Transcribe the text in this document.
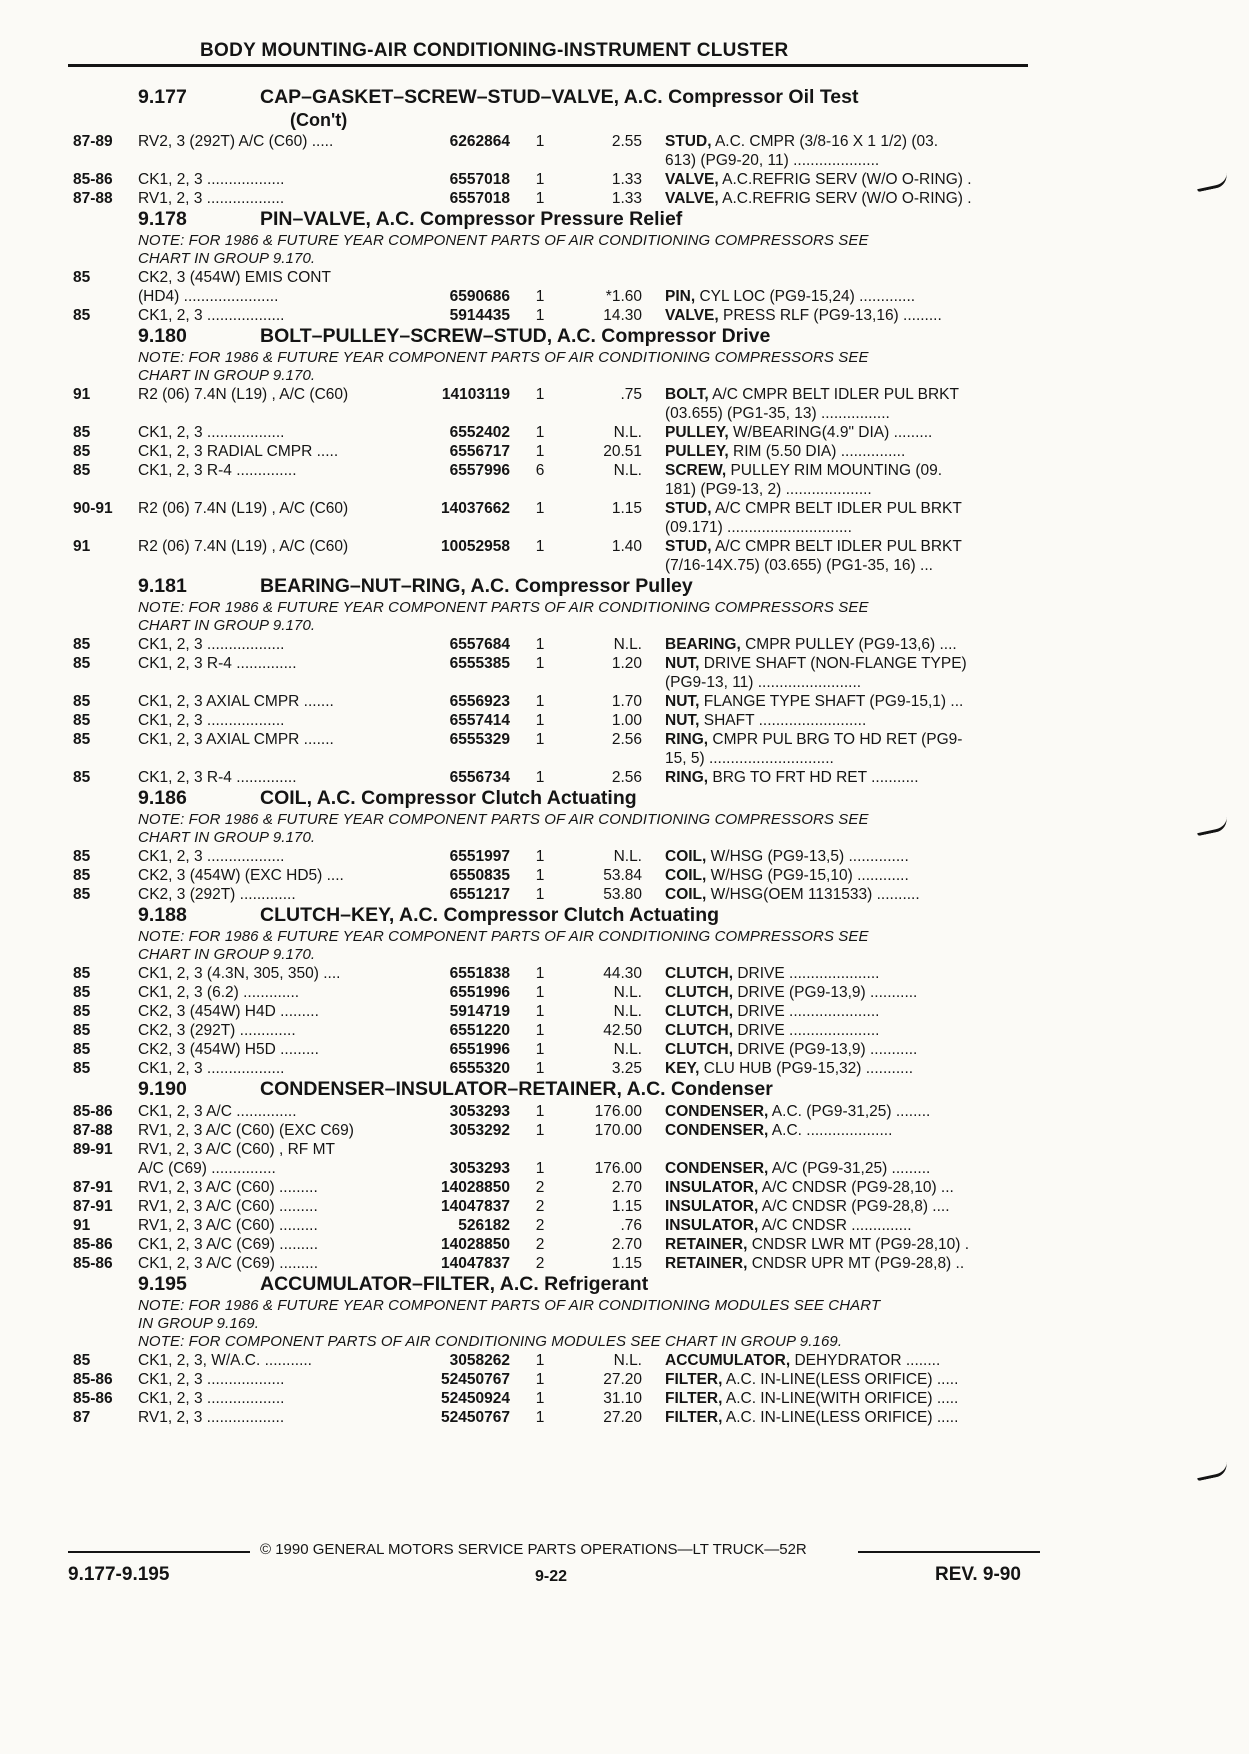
BODY MOUNTING-AIR CONDITIONING-INSTRUMENT CLUSTER
9.177	CAP–GASKET–SCREW–STUD–VALVE, A.C. Compressor Oil Test
(Con't)
87-89 RV2, 3 (292T) A/C (C60) .....	6262864	1	2.55 STUD, A.C. CMPR (3/8-16 X 1 1/2) (03.
613) (PG9-20, 11) ....................
85-86 CK1, 2, 3 ..................	6557018	1	1.33 VALVE, A.C.REFRIG SERV (W/O O-RING) .
87-88 RV1, 2, 3 ..................	6557018	1	1.33 VALVE, A.C.REFRIG SERV (W/O O-RING) .
9.178	PIN–VALVE, A.C. Compressor Pressure Relief
NOTE: FOR 1986 & FUTURE YEAR COMPONENT PARTS OF AIR CONDITIONING COMPRESSORS SEE
CHART IN GROUP 9.170.
85	CK2, 3 (454W) EMIS CONT
(HD4) ......................	6590686	1	*1.60 PIN, CYL LOC (PG9-15,24) .............
85	CK1, 2, 3 ..................	5914435	1	14.30 VALVE, PRESS RLF (PG9-13,16) .........
9.180	BOLT–PULLEY–SCREW–STUD, A.C. Compressor Drive
NOTE: FOR 1986 & FUTURE YEAR COMPONENT PARTS OF AIR CONDITIONING COMPRESSORS SEE
CHART IN GROUP 9.170.
91	R2 (06) 7.4N (L19) , A/C (C60)	14103119	1	.75 BOLT, A/C CMPR BELT IDLER PUL BRKT
(03.655) (PG1-35, 13) ................
85	CK1, 2, 3 ..................	6552402	1	N.L. PULLEY, W/BEARING(4.9" DIA) .........
85	CK1, 2, 3 RADIAL CMPR .....	6556717	1	20.51 PULLEY, RIM (5.50 DIA) ...............
85	CK1, 2, 3 R-4 ..............	6557996	6	N.L. SCREW, PULLEY RIM MOUNTING (09.
181) (PG9-13, 2) ....................
90-91 R2 (06) 7.4N (L19) , A/C (C60)	14037662	1	1.15 STUD, A/C CMPR BELT IDLER PUL BRKT
(09.171) .............................
91	R2 (06) 7.4N (L19) , A/C (C60)	10052958	1	1.40 STUD, A/C CMPR BELT IDLER PUL BRKT
(7/16-14X.75) (03.655) (PG1-35, 16) ...
9.181	BEARING–NUT–RING, A.C. Compressor Pulley
NOTE: FOR 1986 & FUTURE YEAR COMPONENT PARTS OF AIR CONDITIONING COMPRESSORS SEE
CHART IN GROUP 9.170.
85	CK1, 2, 3 ..................	6557684	1	N.L. BEARING, CMPR PULLEY (PG9-13,6) ....
85	CK1, 2, 3 R-4 ..............	6555385	1	1.20 NUT, DRIVE SHAFT (NON-FLANGE TYPE)
(PG9-13, 11) ........................
85	CK1, 2, 3 AXIAL CMPR .......	6556923	1	1.70 NUT, FLANGE TYPE SHAFT (PG9-15,1) ...
85	CK1, 2, 3 ..................	6557414	1	1.00 NUT, SHAFT .........................
85	CK1, 2, 3 AXIAL CMPR .......	6555329	1	2.56 RING, CMPR PUL BRG TO HD RET (PG9-
15, 5) .............................
85	CK1, 2, 3 R-4 ..............	6556734	1	2.56 RING, BRG TO FRT HD RET ...........
9.186	COIL, A.C. Compressor Clutch Actuating
NOTE: FOR 1986 & FUTURE YEAR COMPONENT PARTS OF AIR CONDITIONING COMPRESSORS SEE
CHART IN GROUP 9.170.
85	CK1, 2, 3 ..................	6551997	1	N.L. COIL, W/HSG (PG9-13,5) ..............
85	CK2, 3 (454W) (EXC HD5) ....	6550835	1	53.84 COIL, W/HSG (PG9-15,10) ............
85	CK2, 3 (292T) .............	6551217	1	53.80 COIL, W/HSG(OEM 1131533) ..........
9.188	CLUTCH–KEY, A.C. Compressor Clutch Actuating
NOTE: FOR 1986 & FUTURE YEAR COMPONENT PARTS OF AIR CONDITIONING COMPRESSORS SEE
CHART IN GROUP 9.170.
85	CK1, 2, 3 (4.3N, 305, 350) ....	6551838	1	44.30 CLUTCH, DRIVE .....................
85	CK1, 2, 3 (6.2) .............	6551996	1	N.L. CLUTCH, DRIVE (PG9-13,9) ...........
85	CK2, 3 (454W) H4D .........	5914719	1	N.L. CLUTCH, DRIVE .....................
85	CK2, 3 (292T) .............	6551220	1	42.50 CLUTCH, DRIVE .....................
85	CK2, 3 (454W) H5D .........	6551996	1	N.L. CLUTCH, DRIVE (PG9-13,9) ...........
85	CK1, 2, 3 ..................	6555320	1	3.25 KEY, CLU HUB (PG9-15,32) ...........
9.190	CONDENSER–INSULATOR–RETAINER, A.C. Condenser
85-86 CK1, 2, 3 A/C ..............	3053293	1	176.00 CONDENSER, A.C. (PG9-31,25) ........
87-88 RV1, 2, 3 A/C (C60) (EXC C69)	3053292	1	170.00 CONDENSER, A.C. ....................
89-91 RV1, 2, 3 A/C (C60) , RF MT
A/C (C69) ...............	3053293	1	176.00 CONDENSER, A/C (PG9-31,25) .........
87-91 RV1, 2, 3 A/C (C60) .........	14028850	2	2.70 INSULATOR, A/C CNDSR (PG9-28,10) ...
87-91 RV1, 2, 3 A/C (C60) .........	14047837	2	1.15 INSULATOR, A/C CNDSR (PG9-28,8) ....
91	RV1, 2, 3 A/C (C60) .........	526182	2	.76 INSULATOR, A/C CNDSR ..............
85-86 CK1, 2, 3 A/C (C69) .........	14028850	2	2.70 RETAINER, CNDSR LWR MT (PG9-28,10) .
85-86 CK1, 2, 3 A/C (C69) .........	14047837	2	1.15 RETAINER, CNDSR UPR MT (PG9-28,8) ..
9.195	ACCUMULATOR–FILTER, A.C. Refrigerant
NOTE: FOR 1986 & FUTURE YEAR COMPONENT PARTS OF AIR CONDITIONING MODULES SEE CHART
IN GROUP 9.169.
NOTE: FOR COMPONENT PARTS OF AIR CONDITIONING MODULES SEE CHART IN GROUP 9.169.
85	CK1, 2, 3, W/A.C. ...........	3058262	1	N.L. ACCUMULATOR, DEHYDRATOR ........
85-86 CK1, 2, 3 ..................	52450767	1	27.20 FILTER, A.C. IN-LINE(LESS ORIFICE) .....
85-86 CK1, 2, 3 ..................	52450924	1	31.10 FILTER, A.C. IN-LINE(WITH ORIFICE) .....
87	RV1, 2, 3 ..................	52450767	1	27.20 FILTER, A.C. IN-LINE(LESS ORIFICE) .....
© 1990 GENERAL MOTORS SERVICE PARTS OPERATIONS—LT TRUCK—52R
9.177-9.195	9-22	REV. 9-90
